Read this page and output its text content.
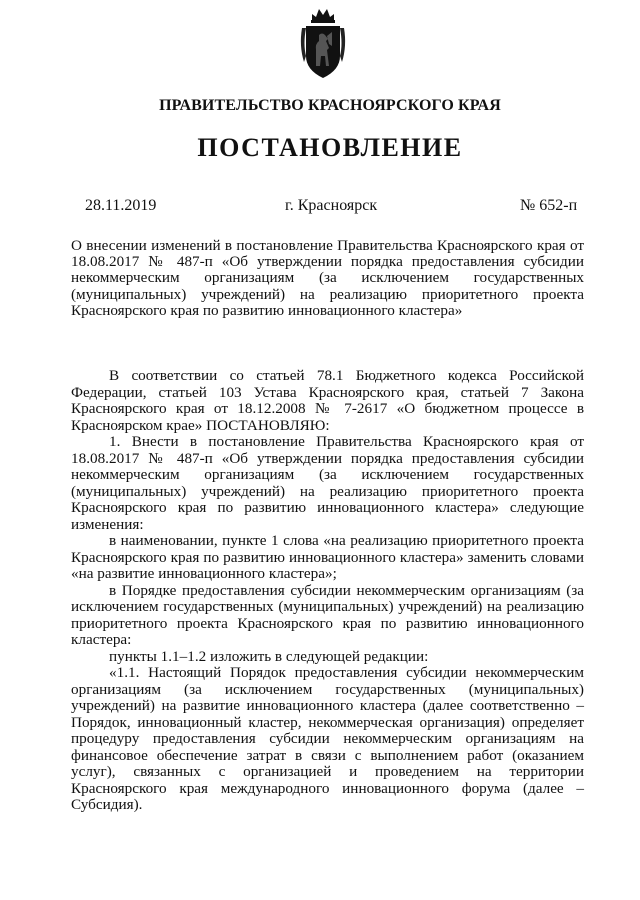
ПРАВИТЕЛЬСТВО КРАСНОЯРСКОГО КРАЯ
ПОСТАНОВЛЕНИЕ
28.11.2019	г. Красноярск	№ 652-п

О внесении изменений в постановление Правительства Красноярского края от 18.08.2017 № 487-п «Об утверждении порядка предоставления субсидии некоммерческим организациям (за исключением государственных (муниципальных) учреждений) на реализацию приоритетного проекта Красноярского края по развитию инновационного кластера»

В соответствии со статьей 78.1 Бюджетного кодекса Российской Федерации, статьей 103 Устава Красноярского края, статьей 7 Закона Красноярского края от 18.12.2008 № 7-2617 «О бюджетном процессе в Красноярском крае» ПОСТАНОВЛЯЮ:

1. Внести в постановление Правительства Красноярского края от 18.08.2017 № 487-п «Об утверждении порядка предоставления субсидии некоммерческим организациям (за исключением государственных (муниципальных) учреждений) на реализацию приоритетного проекта Красноярского края по развитию инновационного кластера» следующие изменения:

в наименовании, пункте 1 слова «на реализацию приоритетного проекта Красноярского края по развитию инновационного кластера» заменить словами «на развитие инновационного кластера»;

в Порядке предоставления субсидии некоммерческим организациям (за исключением государственных (муниципальных) учреждений) на реализацию приоритетного проекта Красноярского края по развитию инновационного кластера:

пункты 1.1–1.2 изложить в следующей редакции:

«1.1. Настоящий Порядок предоставления субсидии некоммерческим организациям (за исключением государственных (муниципальных) учреждений) на развитие инновационного кластера (далее соответственно – Порядок, инновационный кластер, некоммерческая организация) определяет процедуру предоставления субсидии некоммерческим организациям на финансовое обеспечение затрат в связи с выполнением работ (оказанием услуг), связанных с организацией и проведением на территории Красноярского края международного инновационного форума (далее – Субсидия).
